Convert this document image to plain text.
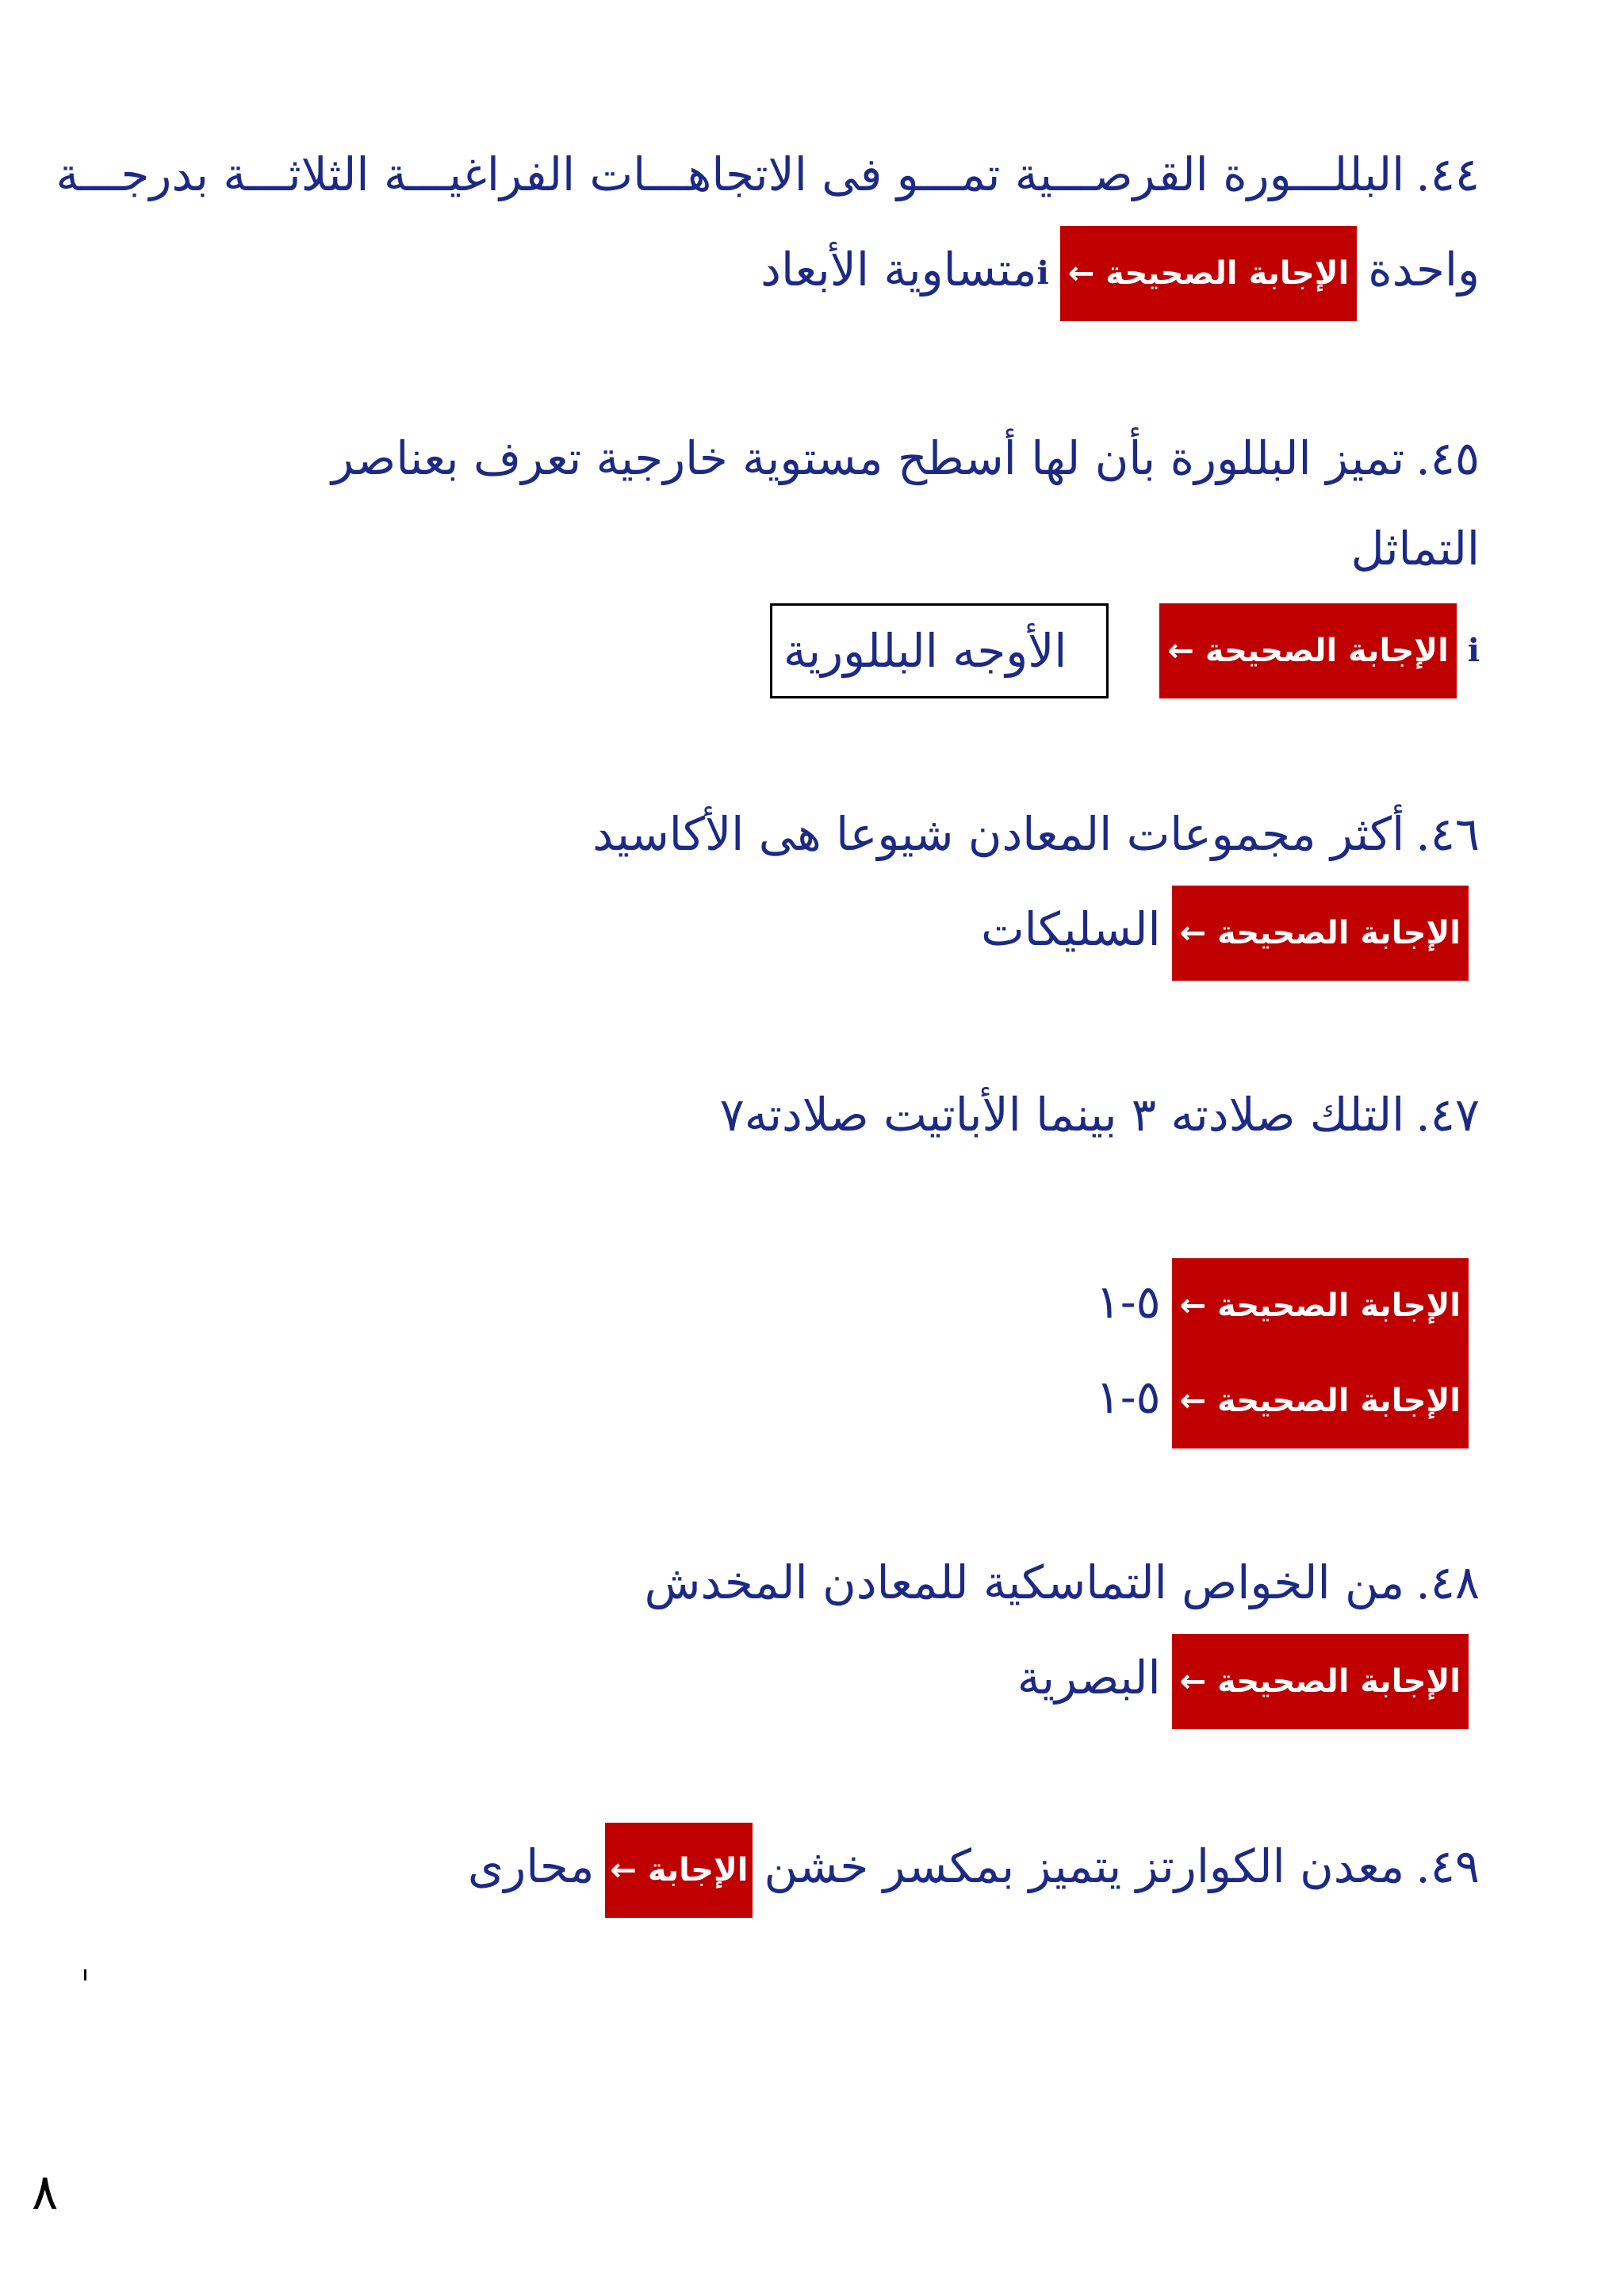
٤٤.البللـــورة القرصـــية تمـــو فى الاتجاهـــات الفراغيـــة الثلاثـــة بدرجـــة
واحدةالإجابة الصحيحة ←iمتساوية الأبعاد
٤٥.تميز البللورة بأن لها أسطح مستوية خارجية تعرف بعناصر
التماثل
iالإجابة الصحيحة ←الأوجه البللورية
٤٦.أكثر مجموعات المعادن شيوعا هى الأكاسيد
الإجابة الصحيحة ←السليكات
٤٧.التلك صلادته ٣ بينما الأباتيت صلادته٧
الإجابة الصحيحة ←٥-١
الإجابة الصحيحة ←٥-١
٤٨.من الخواص التماسكية للمعادن المخدش
الإجابة الصحيحة ←البصرية
٤٩.معدن الكوارتز يتميز بمكسر خشنالإجابة ←محارى
٨
